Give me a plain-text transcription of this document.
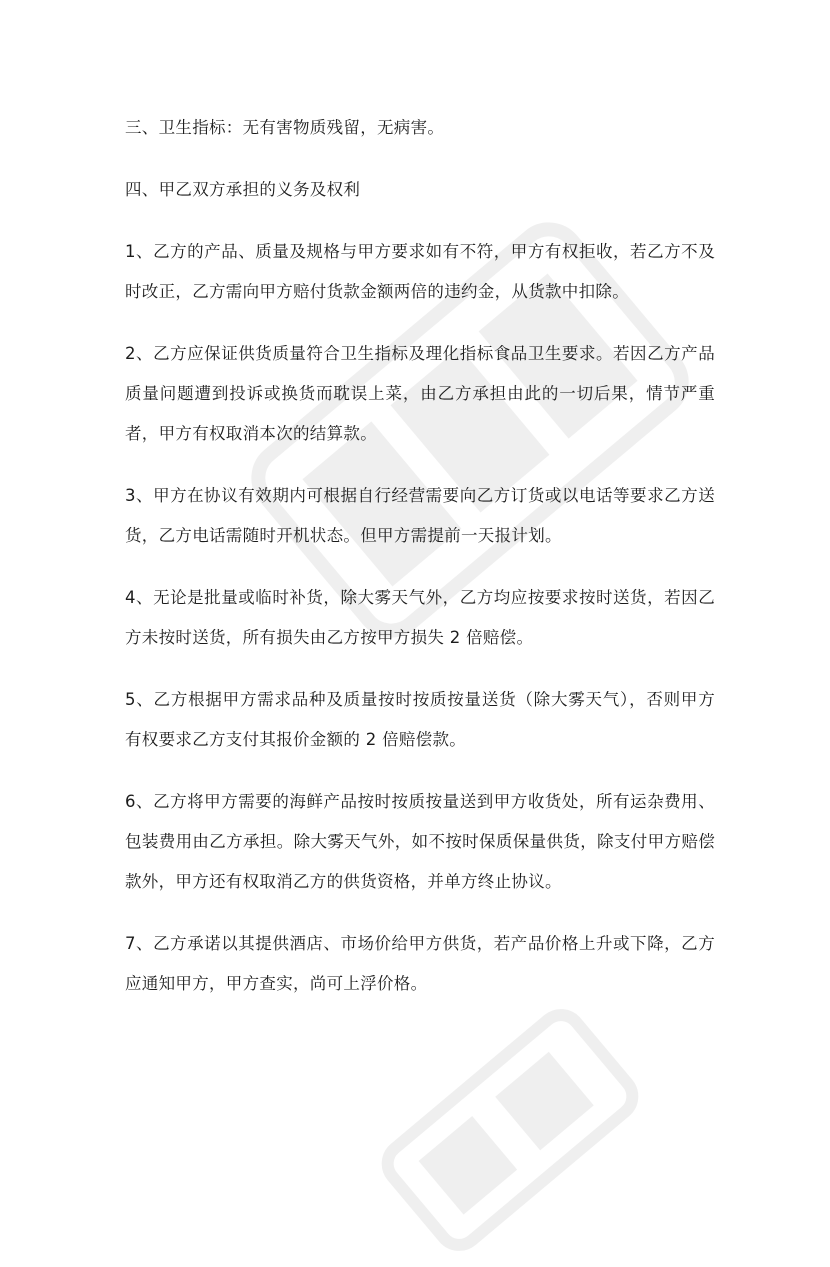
三、卫生指标：无有害物质残留，无病害。

四、甲乙双方承担的义务及权利

1、乙方的产品、质量及规格与甲方要求如有不符，甲方有权拒收，若乙方不及时改正，乙方需向甲方赔付货款金额两倍的违约金，从货款中扣除。

2、乙方应保证供货质量符合卫生指标及理化指标食品卫生要求。若因乙方产品质量问题遭到投诉或换货而耽误上菜，由乙方承担由此的一切后果，情节严重者，甲方有权取消本次的结算款。

3、甲方在协议有效期内可根据自行经营需要向乙方订货或以电话等要求乙方送货，乙方电话需随时开机状态。但甲方需提前一天报计划。

4、无论是批量或临时补货，除大雾天气外，乙方均应按要求按时送货，若因乙方未按时送货，所有损失由乙方按甲方损失 2 倍赔偿。

5、乙方根据甲方需求品种及质量按时按质按量送货（除大雾天气），否则甲方有权要求乙方支付其报价金额的 2 倍赔偿款。

6、乙方将甲方需要的海鲜产品按时按质按量送到甲方收货处，所有运杂费用、包装费用由乙方承担。除大雾天气外，如不按时保质保量供货，除支付甲方赔偿款外，甲方还有权取消乙方的供货资格，并单方终止协议。

7、乙方承诺以其提供酒店、市场价给甲方供货，若产品价格上升或下降，乙方应通知甲方，甲方查实，尚可上浮价格。
